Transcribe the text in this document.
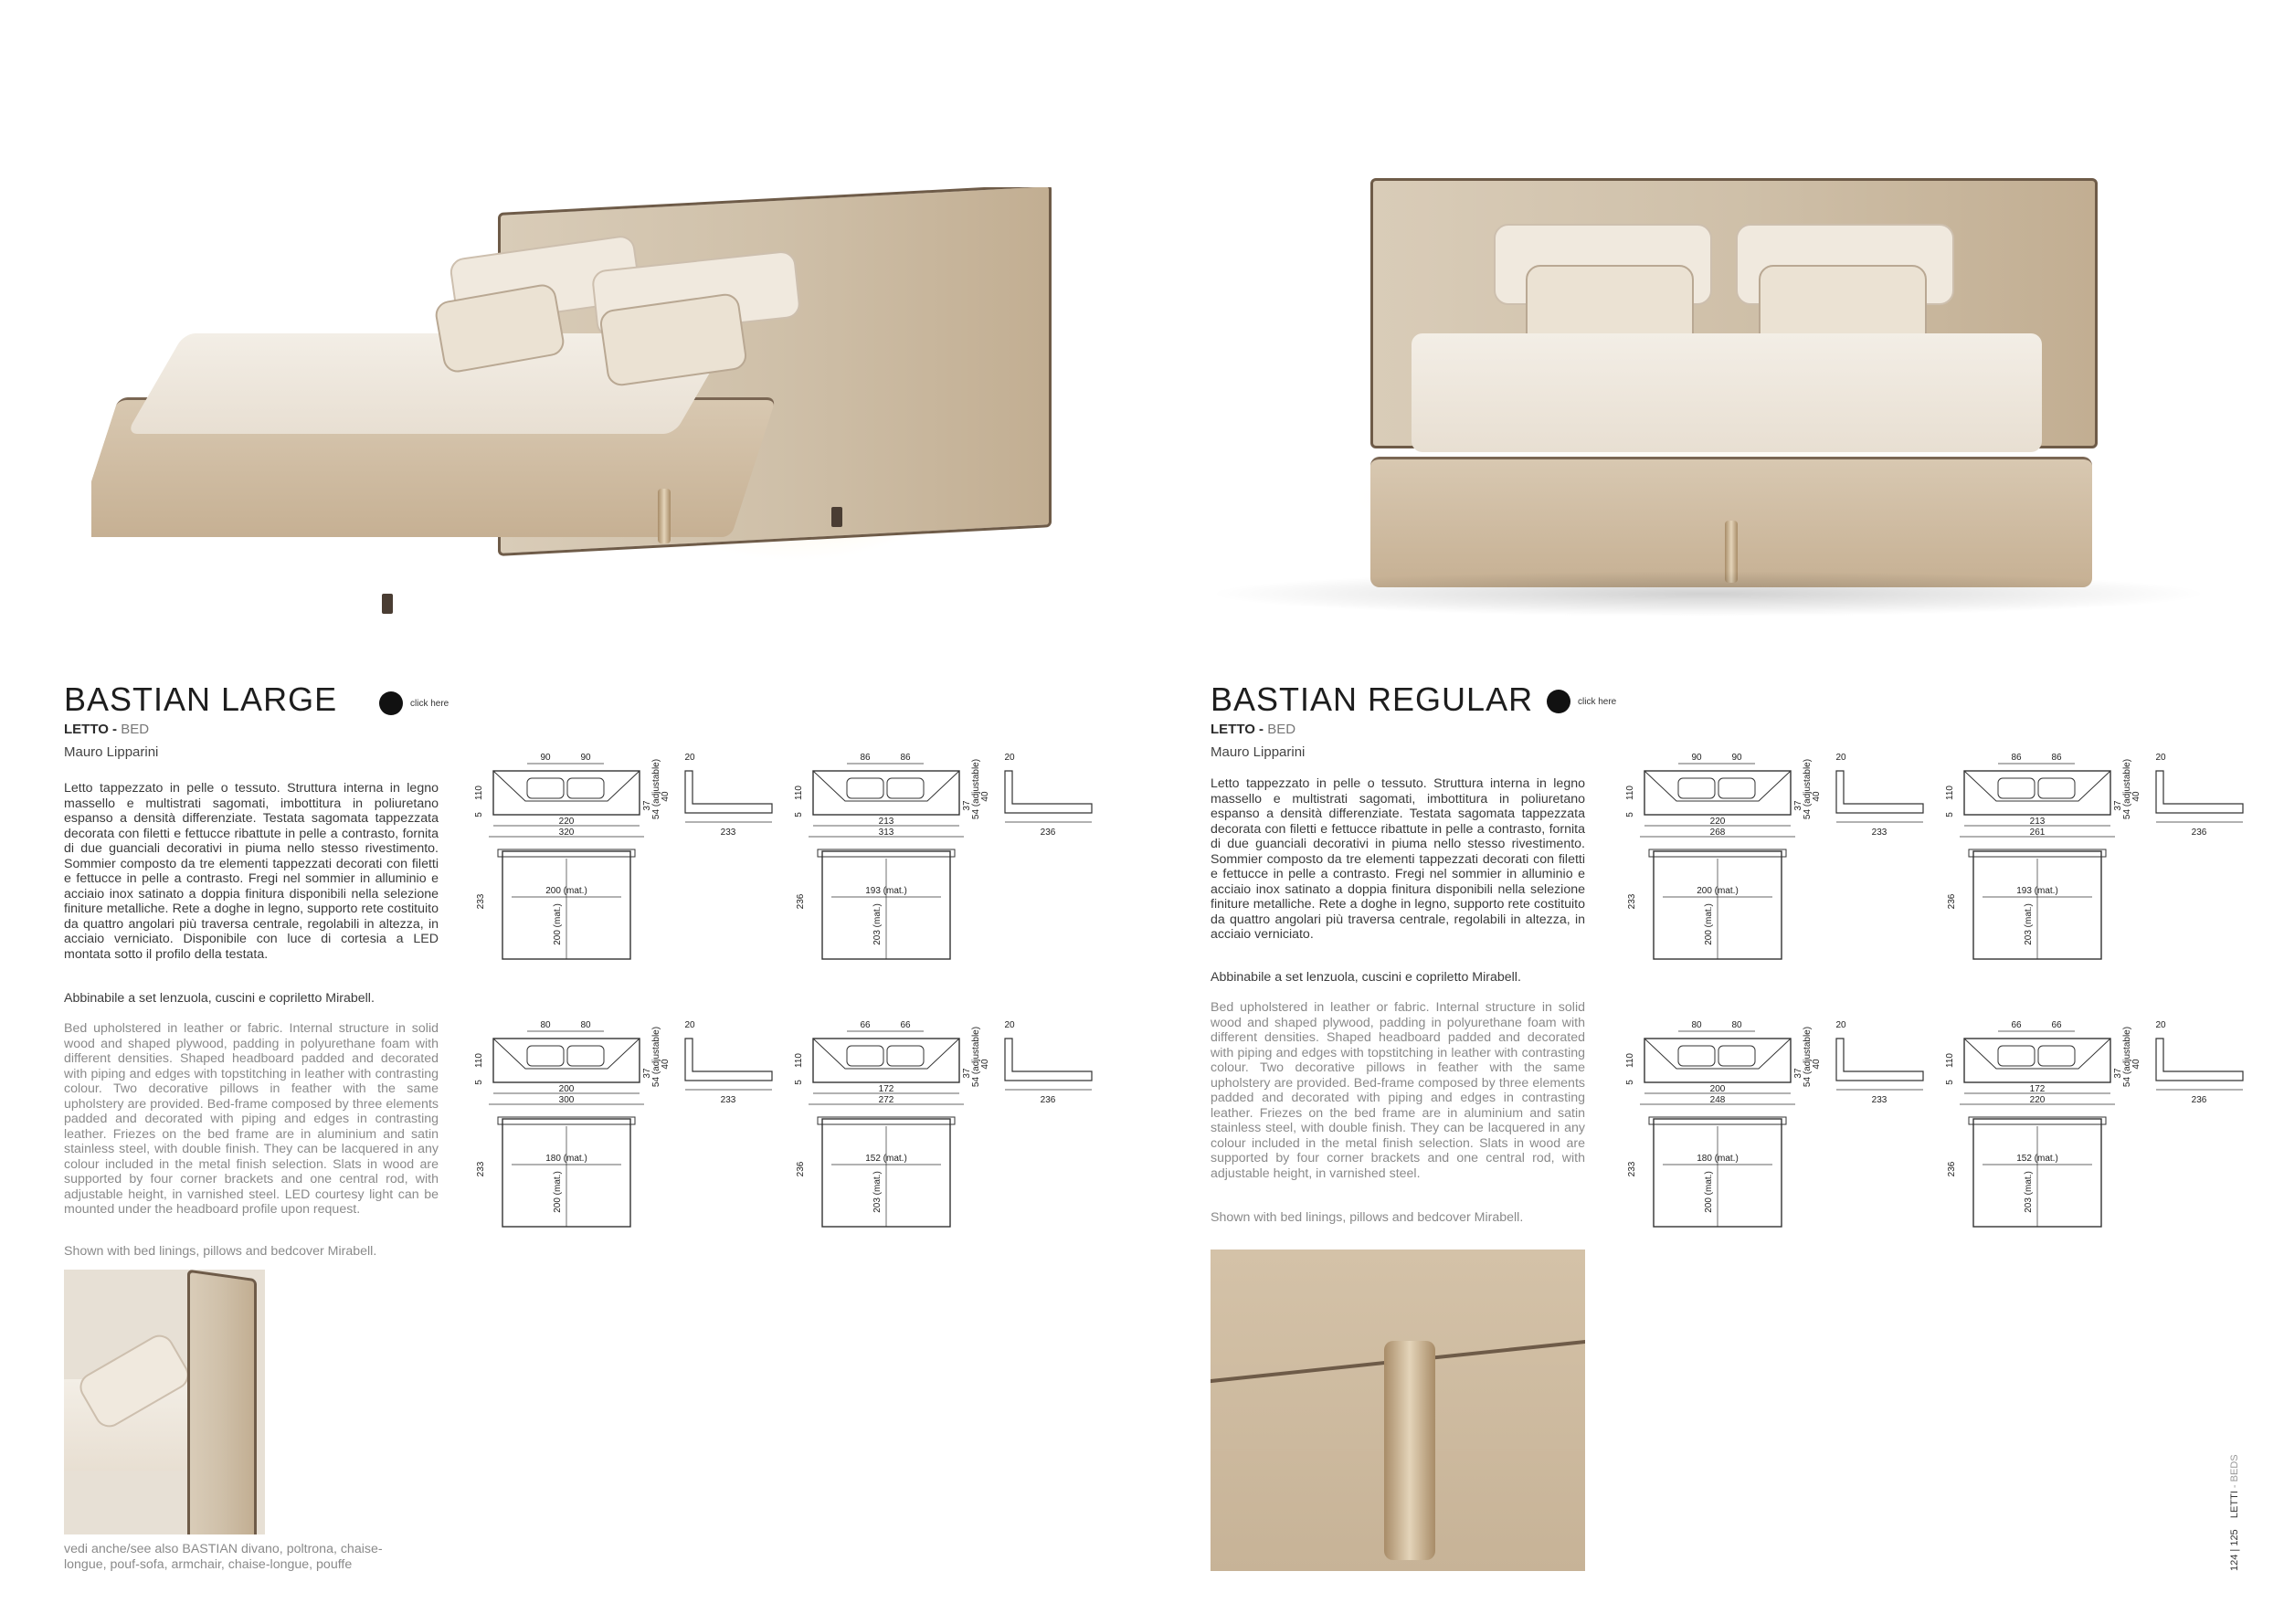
BASTIAN LARGE	click here
LETTO - BED
Mauro Lipparini
Letto tappezzato in pelle o tessuto. Struttura interna in legno massello e multistrati sagomati, imbottitura in poliuretano espanso a densità differenziate. Testata sagomata tappezzata decorata con filetti e fettucce ribattute in pelle a contrasto, fornita di due guanciali decorativi in piuma nello stesso rivestimento. Sommier composto da tre elementi tappezzati decorati con filetti e fettucce in pelle a contrasto. Fregi nel sommier in alluminio e acciaio inox satinato a doppia finitura disponibili nella selezione finiture metalliche. Rete a doghe in legno, supporto rete costituito da quattro angolari più traversa centrale, regolabili in altezza, in acciaio verniciato. Disponibile con luce di cortesia a LED montata sotto il profilo della testata.
Abbinabile a set lenzuola, cuscini e copriletto Mirabell.
Bed upholstered in leather or fabric. Internal structure in solid wood and shaped plywood, padding in polyurethane foam with different densities. Shaped headboard padded and decorated with piping and edges with topstitching in leather with contrasting colour. Two decorative pillows in feather with the same upholstery are provided. Bed-frame composed by three elements padded and decorated with piping and edges in contrasting leather. Friezes on the bed frame are in aluminium and satin stainless steel, with double finish. They can be lacquered in any colour included in the metal finish selection. Slats in wood are supported by four corner brackets and one central rod, with adjustable height, in varnished steel. LED courtesy light can be mounted under the headboard profile upon request.
Shown with bed linings, pillows and bedcover Mirabell.
vedi anche/see also BASTIAN divano, poltrona, chaise-longue, pouf-sofa, armchair, chaise-longue, pouffe
BASTIAN REGULAR	click here
LETTO - BED
Mauro Lipparini
Letto tappezzato in pelle o tessuto. Struttura interna in legno massello e multistrati sagomati, imbottitura in poliuretano espanso a densità differenziate. Testata sagomata tappezzata decorata con filetti e fettucce ribattute in pelle a contrasto, fornita di due guanciali decorativi in piuma nello stesso rivestimento. Sommier composto da tre elementi tappezzati decorati con filetti e fettucce in pelle a contrasto. Fregi nel sommier in alluminio e acciaio inox satinato a doppia finitura disponibili nella selezione finiture metalliche. Rete a doghe in legno, supporto rete costituito da quattro angolari più traversa centrale, regolabili in altezza, in acciaio verniciato.
Abbinabile a set lenzuola, cuscini e copriletto Mirabell.
Bed upholstered in leather or fabric. Internal structure in solid wood and shaped plywood, padding in polyurethane foam with different densities. Shaped headboard padded and decorated with piping and edges with topstitching in leather with contrasting colour. Two decorative pillows in feather with the same upholstery are provided. Bed-frame composed by three elements padded and decorated with piping and edges in contrasting leather. Friezes on the bed frame are in aluminium and satin stainless steel, with double finish. They can be lacquered in any colour included in the metal finish selection. Slats in wood are supported by four corner brackets and one central rod, with adjustable height, in varnished steel.
Shown with bed linings, pillows and bedcover Mirabell.
90	90
220
320
110
5
37 54 (adjustable) 40
20
233
200 (mat.)
200 (mat.)
233
86	86
213
313
110
5
37 54 (adjustable) 40
20
236
193 (mat.)
203 (mat.)
236
80	80
200
300
110
5
37 54 (adjustable) 40
20
233
180 (mat.)
200 (mat.)
233
66	66
172
272
110
5
37 54 (adjustable) 40
20
236
152 (mat.)
203 (mat.)
236
90	90
220
268
110
5
37 54 (adjustable) 40
20
233
200 (mat.)
200 (mat.)
233
86	86
213
261
110
5
37 54 (adjustable) 40
20
236
193 (mat.)
203 (mat.)
236
80	80
200
248
110
5
37 54 (adjustable) 40
20
233
180 (mat.)
200 (mat.)
233
66	66
172
220
110
5
37 54 (adjustable) 40
20
236
152 (mat.)
203 (mat.)
236
124 | 125    LETTI - BEDS
